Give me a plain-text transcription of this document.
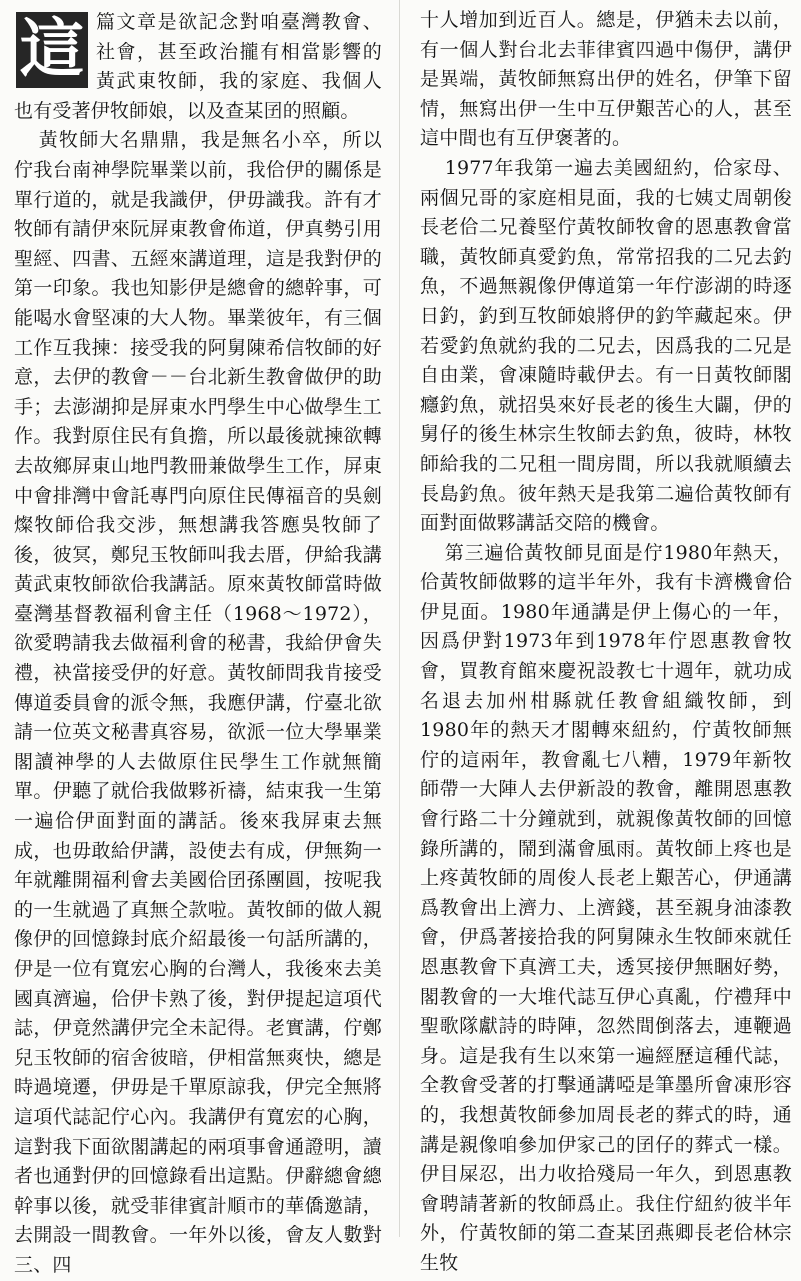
這 篇文章是欲記念對咱臺灣教會、社會，甚至政治攏有相當影響的黃武東牧師，我的家庭、我個人也有受著伊牧師娘，以及查某囝的照顧。

黃牧師大名鼎鼎，我是無名小卒，所以佇我台南神學院畢業以前，我佮伊的關係是單行道的，就是我識伊，伊毋識我。許有才牧師有請伊來阮屏東教會佈道，伊真勢引用聖經、四書、五經來講道理，這是我對伊的第一印象。我也知影伊是總會的總幹事，可能喝水會堅凍的大人物。畢業彼年，有三個工作互我揀：接受我的阿舅陳希信牧師的好意，去伊的教會－－台北新生教會做伊的助手；去澎湖抑是屏東水門學生中心做學生工作。我對原住民有負擔，所以最後就揀欲轉去故鄉屏東山地門教冊兼做學生工作，屏東中會排灣中會託專門向原住民傳福音的吳劍燦牧師佮我交涉，無想講我答應吳牧師了後，彼冥，鄭兒玉牧師叫我去厝，伊給我講黃武東牧師欲佮我講話。原來黃牧師當時做臺灣基督教福利會主任（1968～1972），欲愛聘請我去做福利會的秘書，我給伊會失禮，袂當接受伊的好意。黃牧師問我肯接受傳道委員會的派令無，我應伊講，佇臺北欲請一位英文秘書真容易，欲派一位大學畢業閣讀神學的人去做原住民學生工作就無簡單。伊聽了就佮我做夥祈禱，結束我一生第一遍佮伊面對面的講話。後來我屏東去無成，也毋敢給伊講，設使去有成，伊無夠一年就離開福利會去美國佮囝孫團圓，按呢我的一生就過了真無仝款啦。黃牧師的做人親像伊的回憶錄封底介紹最後一句話所講的，伊是一位有寬宏心胸的台灣人，我後來去美國真濟遍，佮伊卡熟了後，對伊提起這項代誌，伊竟然講伊完全未記得。老實講，佇鄭兒玉牧師的宿舍彼暗，伊相當無爽快，總是時過境遷，伊毋是千單原諒我，伊完全無將這項代誌記佇心內。我講伊有寬宏的心胸，這對我下面欲閣講起的兩項事會通證明，讀者也通對伊的回憶錄看出這點。伊辭總會總幹事以後，就受菲律賓計順市的華僑邀請，去開設一間教會。一年外以後，會友人數對三、四

十人增加到近百人。總是，伊猶未去以前，有一個人對台北去菲律賓四過中傷伊，講伊是異端，黃牧師無寫出伊的姓名，伊筆下留情，無寫出伊一生中互伊艱苦心的人，甚至這中間也有互伊褒著的。

1977年我第一遍去美國紐約，佮家母、兩個兄哥的家庭相見面，我的七姨丈周朝俊長老佮二兄養堅佇黃牧師牧會的恩惠教會當職，黃牧師真愛釣魚，常常招我的二兄去釣魚，不過無親像伊傳道第一年佇澎湖的時逐日釣，釣到互牧師娘將伊的釣竿藏起來。伊若愛釣魚就約我的二兄去，因爲我的二兄是自由業，會凍隨時載伊去。有一日黃牧師閣癮釣魚，就招吳來好長老的後生大闢，伊的舅仔的後生林宗生牧師去釣魚，彼時，林牧師給我的二兄租一間房間，所以我就順續去長島釣魚。彼年熱天是我第二遍佮黃牧師有面對面做夥講話交陪的機會。

第三遍佮黃牧師見面是佇1980年熱天，佮黃牧師做夥的這半年外，我有卡濟機會佮伊見面。1980年通講是伊上傷心的一年，因爲伊對1973年到1978年佇恩惠教會牧會，買教育館來慶祝設教七十週年，就功成名退去加州柑縣就任教會組織牧師，到1980年的熱天才閣轉來紐約，佇黃牧師無佇的這兩年，教會亂七八糟，1979年新牧師帶一大陣人去伊新設的教會，離開恩惠教會行路二十分鐘就到，就親像黃牧師的回憶錄所講的，鬧到滿會風雨。黃牧師上疼也是上疼黃牧師的周俊人長老上艱苦心，伊通講爲教會出上濟力、上濟錢，甚至親身油漆教會，伊爲著接拾我的阿舅陳永生牧師來就任恩惠教會下真濟工夫，透冥接伊無睏好勢，閣教會的一大堆代誌互伊心真亂，佇禮拜中聖歌隊獻詩的時陣，忽然間倒落去，連鞭過身。這是我有生以來第一遍經歷這種代誌，全教會受著的打擊通講啞是筆墨所會凍形容的，我想黃牧師參加周長老的葬式的時，通講是親像咱參加伊家己的囝仔的葬式一樣。伊目屎忍，出力收拾殘局一年久，到恩惠教會聘請著新的牧師爲止。我住佇紐約彼半年外，佇黃牧師的第二查某囝燕卿長老佮林宗生牧
